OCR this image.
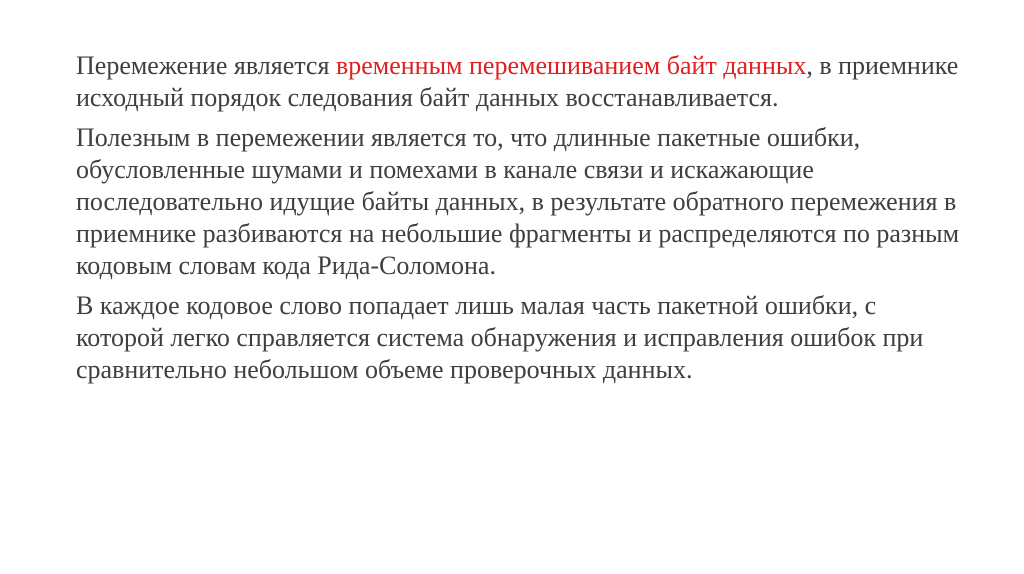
Перемежение является временным перемешиванием байт данных, в приемнике исходный порядок следования байт данных восстанавливается.

Полезным в перемежении является то, что длинные пакетные ошибки, обусловленные шумами и помехами в канале связи и искажающие последовательно идущие байты данных, в результате обратного перемежения в приемнике разбиваются на небольшие фрагменты и распределяются по разным кодовым словам кода Рида-Соломона.

В каждое кодовое слово попадает лишь малая часть пакетной ошибки, с которой легко справляется система обнаружения и исправления ошибок при сравнительно небольшом объеме проверочных данных.
